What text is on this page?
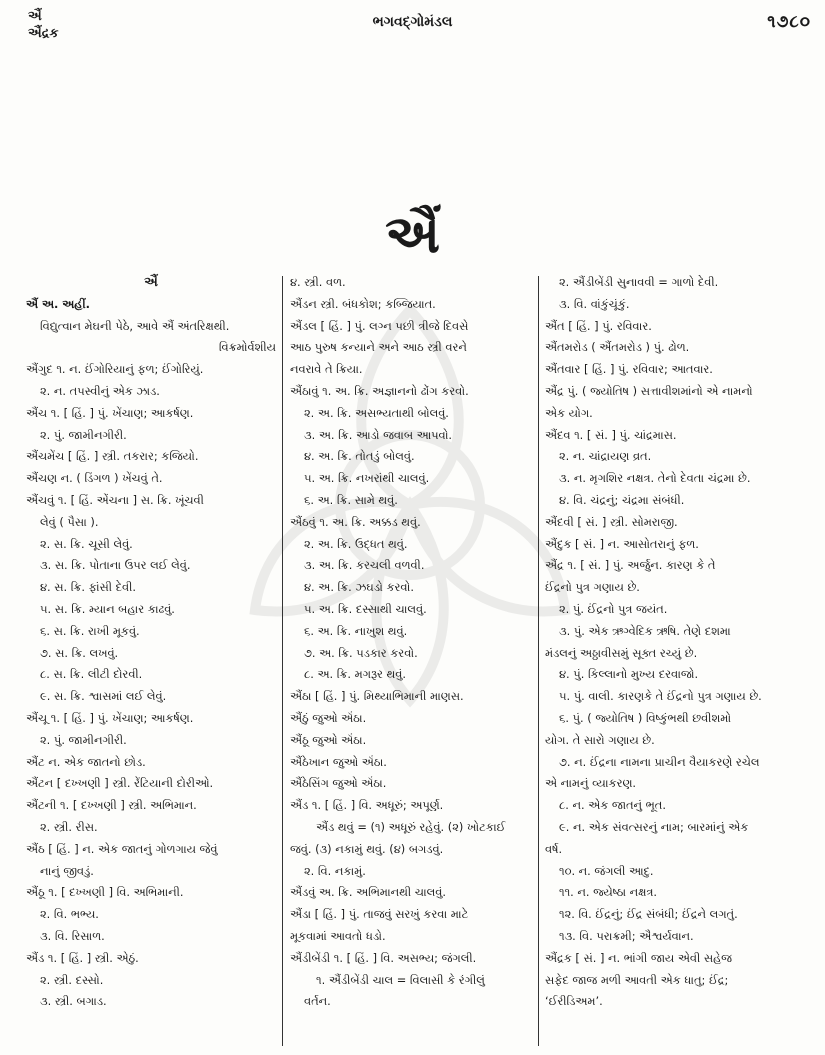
ઐં
ઐંદ્રક
ભગવદ્ગોમંડલ	૧૭૮૦
ઐં
ઐં

ઐં અ. અહીં.

વિદ્યુત્વાન મેઘની પેઠે, આવે ઐં અંતરિક્ષથી.

વિક્રમોર્વશીય

ઐંગુદ ૧. ન. ઈંગોરિયાનું ફળ; ઈંગોરિયું.

૨. ન. તપસ્વીનું એક ઝાડ.

ઐંચ ૧. [ હિં. ] પું. ખેંચાણ; આકર્ષણ.

૨. પું. જામીનગીરી.

ઐંચમેંચ [ હિં. ] સ્ત્રી. તકરાર; કજિયો.

ઐંચણ ન. ( ડિંગળ ) ખેંચવું તે.

ઐંચવું ૧. [ હિં. એંચના ] સ. ક્રિ. ખૂંચવી

લેવું ( પૈસા ).

૨. સ. ક્રિ. ચૂસી લેવું.

૩. સ. ક્રિ. પોતાના ઉપર લઈ લેવું.

૪. સ. ક્રિ. ફાંસી દેવી.

૫. સ. ક્રિ. મ્યાન બહાર કાઢવું.

૬. સ. ક્રિ. રાખી મૂકવું.

૭. સ. ક્રિ. લખવું.

૮. સ. ક્રિ. લીટી દોરવી.

૯. સ. ક્રિ. શ્વાસમાં લઈ લેવું.

ઐંચૂ ૧. [ હિં. ] પું. ખેંચાણ; આકર્ષણ.

૨. પું. જામીનગીરી.

ઐંટ ન. એક જાતનો છોડ.

ઐંટન [ દખ્ખણી ] સ્ત્રી. રેંટિયાની દોરીઓ.

ઐંટની ૧. [ દખ્ખણી ] સ્ત્રી. અભિમાન.

૨. સ્ત્રી. રીસ.

ઐંઠ [ હિં. ] ન. એક જાતનું ગોળગાય જેવું

નાનું જીવડું.

ઐંઠૂ ૧. [ દખ્ખણી ] વિ. અભિમાની.

૨. વિ. ભભ્ય.

૩. વિ. રિસાળ.

ઐંડ ૧. [ હિં. ] સ્ત્રી. એઠું.

૨. સ્ત્રી. દસ્સો.

૩. સ્ત્રી. બગાડ.

૪. સ્ત્રી. વળ.

ઐંડન સ્ત્રી. બંધકોશ; કબ્જિયાત.

ઐંડલ [ હિં. ] પું. લગ્ન પછી ત્રીજે દિવસે

આઠ પુરુષ કન્યાને અને આઠ સ્ત્રી વરને

નવરાવે તે ક્રિયા.

ઐંઠાવું ૧. અ. ક્રિ. અજ્ઞાનનો ઢોંગ કરવો.

૨. અ. ક્રિ. અસભ્યતાથી બોલવું.

૩. અ. ક્રિ. આડો જવાબ આપવો.

૪. અ. ક્રિ. તોતડું બોલવું.

૫. અ. ક્રિ. નખરાંથી ચાલવું.

૬. અ. ક્રિ. સામે થવું.

ઐંઠવું ૧. અ. ક્રિ. અક્કડ થવું.

૨. અ. ક્રિ. ઉદ્ધત થવું.

૩. અ. ક્રિ. કરચલી વળવી.

૪. અ. ક્રિ. ઝઘડો કરવો.

૫. અ. ક્રિ. દસ્સાથી ચાલવું.

૬. અ. ક્રિ. નાખુશ થવું.

૭. અ. ક્રિ. પડકાર કરવો.

૮. અ. ક્રિ. મગરૂર થવું.

ઐંઠા [ હિં. ] પું. મિથ્યાભિમાની માણસ.

ઐંઠું જુઓ ઍંઠા.

ઐંઠૂ જુઓ ઍંઠા.

ઐંઠેખાન જુઓ ઍંઠા.

ઐંઠેસિંગ જુઓ ઍંઠા.

ઐંડ ૧. [ હિં. ] વિ. અધૂરું; અપૂર્ણ.

ઐંડ થવું = (૧) અધૂરું રહેવું. (૨) ખોટકાઈ

જવું. (૩) નકામું થવું. (૪) બગડવું.

૨. વિ. નકામું.

ઐંડવું અ. ક્રિ. અભિમાનથી ચાલવું.

ઐંડા [ હિં. ] પું. તાજવું સરખું કરવા માટે

મૂકવામાં આવતો ધડો.

ઐંડીબેંડી ૧. [ હિં. ] વિ. અસભ્ય; જંગલી.

૧. ઐંડીબેંડી ચાલ = વિલાસી કે રંગીલું

વર્તન.

૨. ઐંડીબેંડી સુનાવવી = ગાળો દેવી.

૩. વિ. વાંકુંચૂંકું.

ઐંત [ હિં. ] પું. રવિવાર.

ઐંતમરોડ ( ઐંતમરોડ ) પું. ઢોળ.

ઐંતવાર [ હિં. ] પું. રવિવાર; આતવાર.

ઐંદ્ર પું. ( જ્યોતિષ ) સત્તાવીશમાંનો એ નામનો

એક યોગ.

ઐંદવ ૧. [ સં. ] પું. ચાંદ્રમાસ.

૨. ન. ચાંદ્રાયણ વ્રત.

૩. ન. મૃગશિર નક્ષત્ર. તેનો દેવતા ચંદ્રમા છે.

૪. વિ. ચંદ્રનું; ચંદ્રમા સંબંધી.

ઐંદવી [ સં. ] સ્ત્રી. સોમરાજી.

ઐંદુક [ સં. ] ન. આસોતરાનું ફળ.

ઐંદ્ર ૧. [ સં. ] પું. અર્જુન. કારણ કે તે

ઈંદ્રનો પુત્ર ગણાય છે.

૨. પું. ઈંદ્રનો પુત્ર જયંત.

૩. પું. એક ઋગ્વેદિક ઋષિ. તેણે દશમા

મંડલનું અઠ્ઠાવીસમું સૂક્ત રચ્યું છે.

૪. પું. કિલ્લાનો મુખ્ય દરવાજો.

૫. પું. વાલી. કારણકે તે ઈંદ્રનો પુત્ર ગણાય છે.

૬. પું. ( જ્યોતિષ ) વિષ્કુંભથી છવીશમો

યોગ. તે સારો ગણાય છે.

૭. ન. ઈંદ્રના નામના પ્રાચીન વૈયાકરણે રચેલ

એ નામનું વ્યાકરણ.

૮. ન. એક જાતનું ભૂત.

૯. ન. એક સંવત્સરનું નામ; બારમાંનું એક

વર્ષ.

૧૦. ન. જંગલી આદુ.

૧૧. ન. જ્યેષ્ઠા નક્ષત્ર.

૧૨. વિ. ઈંદ્રનું; ઈંદ્ર સંબંધી; ઈંદ્રને લગતું.

૧૩. વિ. પરાક્રમી; ઐશ્વર્યવાન.

ઐંદ્રક [ સં. ] ન. ભાંગી જાય એવી સહેજ

સફેદ જાજ મળી આવતી એક ધાતુ; ઈંદ્ર;

‘ઈરીડિઅમ’.
